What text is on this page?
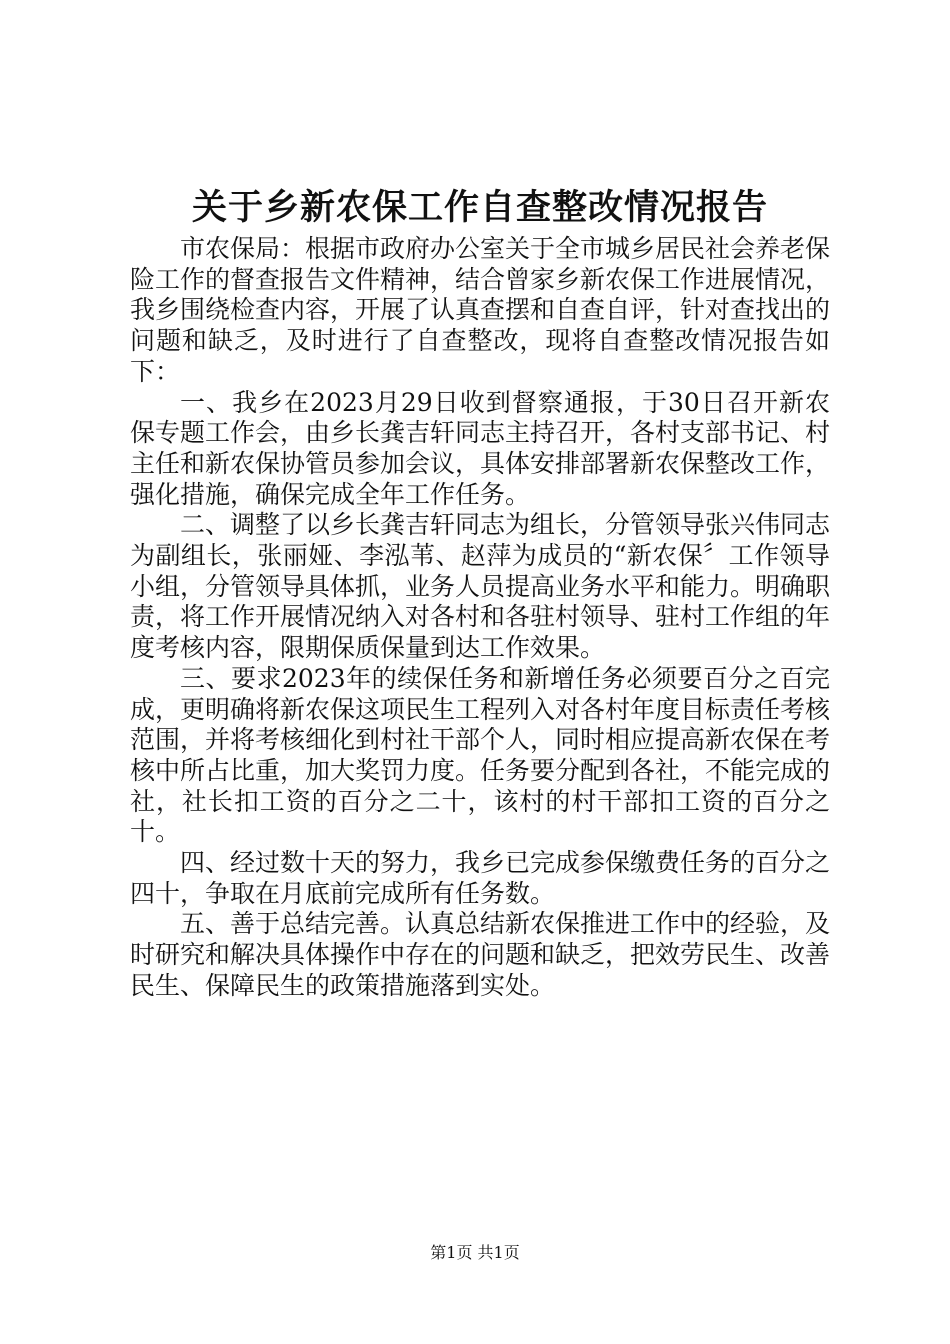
关于乡新农保工作自查整改情况报告

市农保局：根据市政府办公室关于全市城乡居民社会养老保险工作的督查报告文件精神，结合曾家乡新农保工作进展情况，我乡围绕检查内容，开展了认真查摆和自查自评，针对查找出的问题和缺乏，及时进行了自查整改，现将自查整改情况报告如下：

一、我乡在2023月29日收到督察通报，于30日召开新农保专题工作会，由乡长龚吉轩同志主持召开，各村支部书记、村主任和新农保协管员参加会议，具体安排部署新农保整改工作，强化措施，确保完成全年工作任务。

二、调整了以乡长龚吉轩同志为组长，分管领导张兴伟同志为副组长，张丽娅、李泓苇、赵萍为成员的“新农保〞工作领导小组，分管领导具体抓，业务人员提高业务水平和能力。明确职责，将工作开展情况纳入对各村和各驻村领导、驻村工作组的年度考核内容，限期保质保量到达工作效果。

三、要求2023年的续保任务和新增任务必须要百分之百完成，更明确将新农保这项民生工程列入对各村年度目标责任考核范围，并将考核细化到村社干部个人，同时相应提高新农保在考核中所占比重，加大奖罚力度。任务要分配到各社，不能完成的社，社长扣工资的百分之二十，该村的村干部扣工资的百分之十。

四、经过数十天的努力，我乡已完成参保缴费任务的百分之四十，争取在月底前完成所有任务数。

五、善于总结完善。认真总结新农保推进工作中的经验，及时研究和解决具体操作中存在的问题和缺乏，把效劳民生、改善民生、保障民生的政策措施落到实处。

第1页 共1页
